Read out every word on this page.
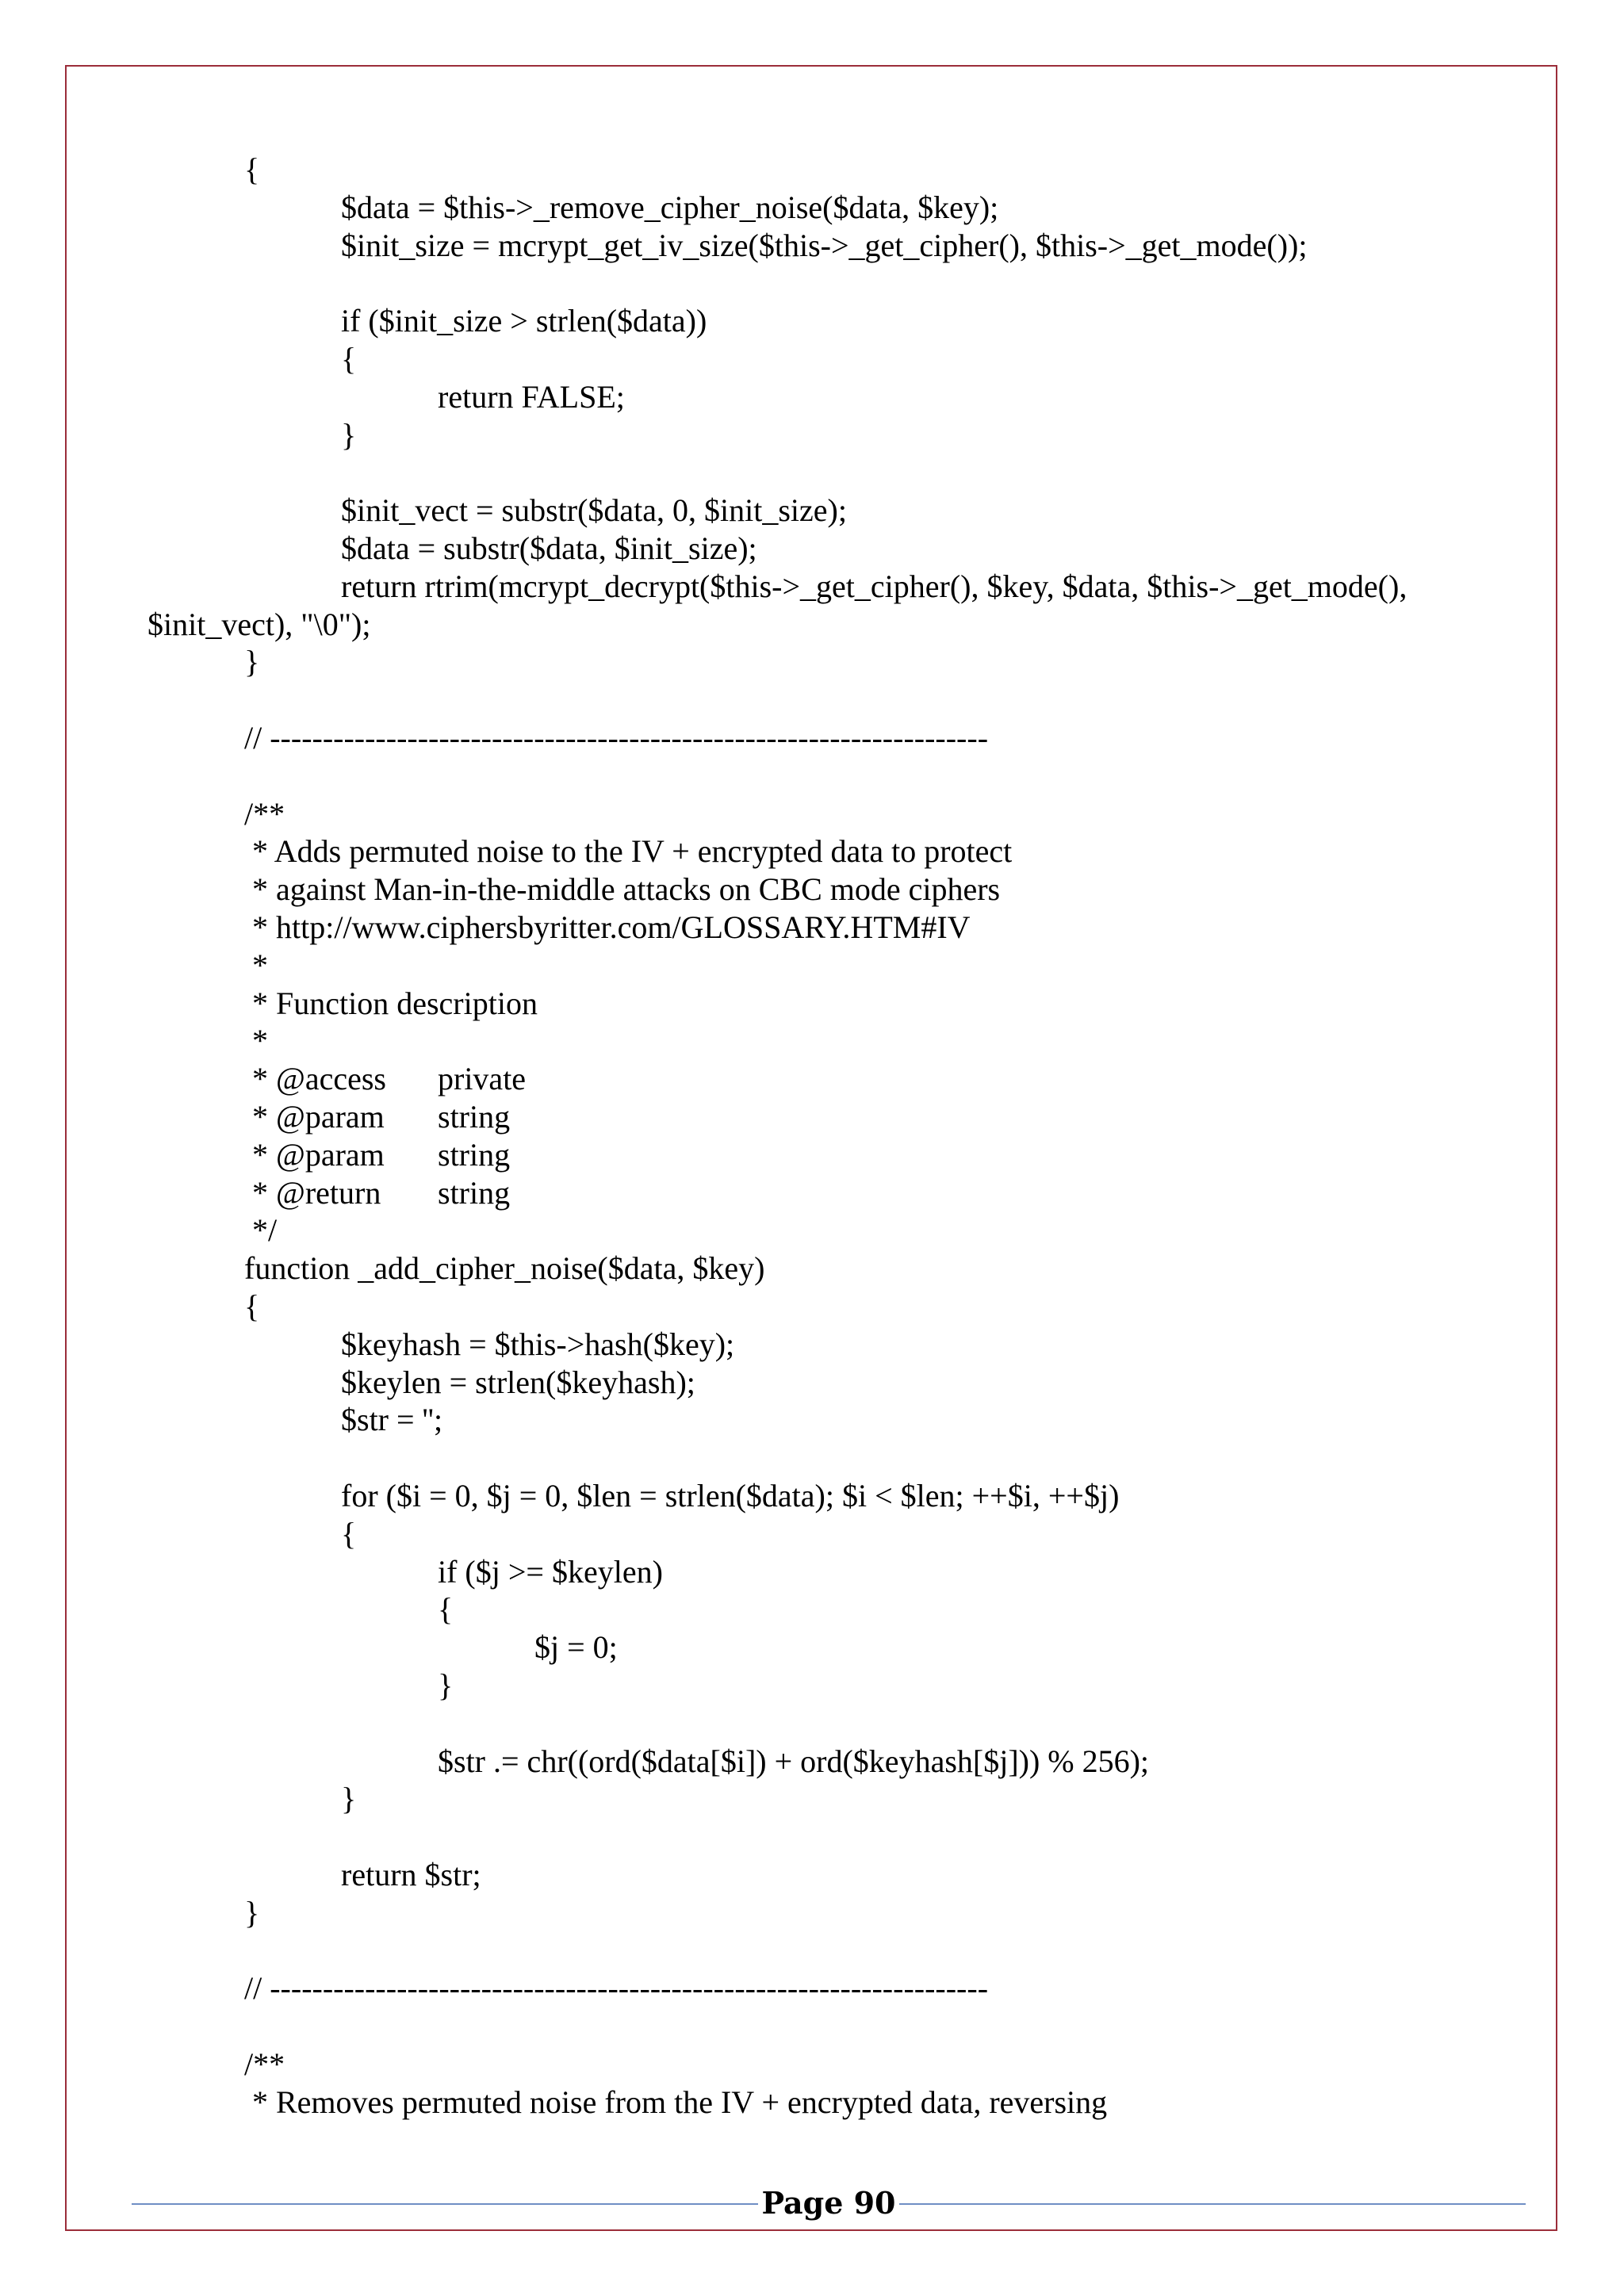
{
$data = $this->_remove_cipher_noise($data, $key);
$init_size = mcrypt_get_iv_size($this->_get_cipher(), $this->_get_mode());
if ($init_size > strlen($data))
{
return FALSE;
}
$init_vect = substr($data, 0, $init_size);
$data = substr($data, $init_size);
return rtrim(mcrypt_decrypt($this->_get_cipher(), $key, $data, $this->_get_mode(),
$init_vect), "\0");
}
// --------------------------------------------------------------------
/**
* Adds permuted noise to the IV + encrypted data to protect
* against Man-in-the-middle attacks on CBC mode ciphers
* http://www.ciphersbyritter.com/GLOSSARY.HTM#IV
*
* Function description
*
* @access private
* @param string
* @param string
* @return string
*/
function _add_cipher_noise($data, $key)
{
$keyhash = $this->hash($key);
$keylen = strlen($keyhash);
$str = '';
for ($i = 0, $j = 0, $len = strlen($data); $i < $len; ++$i, ++$j)
{
if ($j >= $keylen)
{
$j = 0;
}
$str .= chr((ord($data[$i]) + ord($keyhash[$j])) % 256);
}
return $str;
}
// --------------------------------------------------------------------
/**
* Removes permuted noise from the IV + encrypted data, reversing
Page 90
